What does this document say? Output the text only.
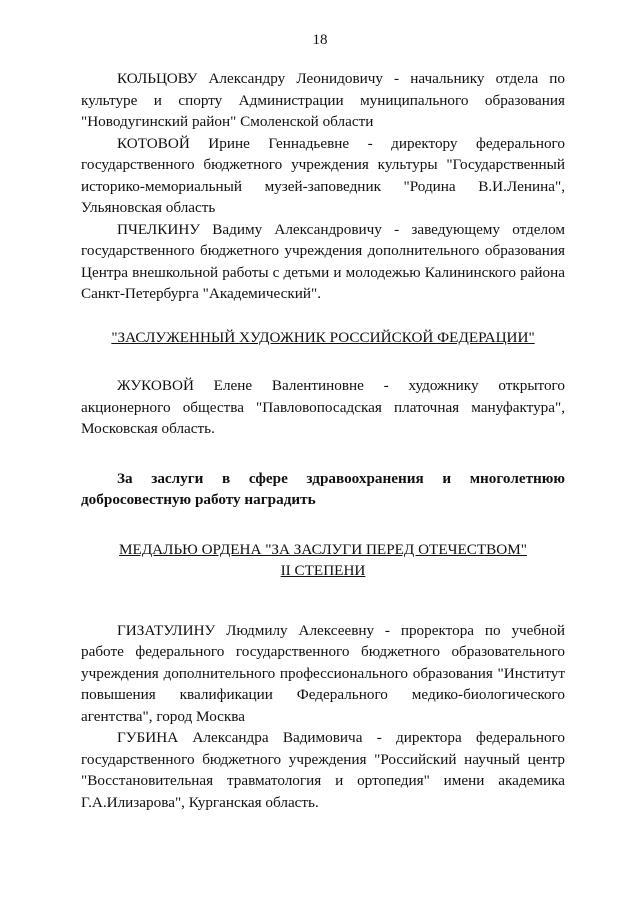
18

КОЛЬЦОВУ Александру Леонидовичу - начальнику отдела по культуре и спорту Администрации муниципального образования "Новодугинский район" Смоленской области

КОТОВОЙ Ирине Геннадьевне - директору федерального государственного бюджетного учреждения культуры "Государственный историко-мемориальный музей-заповедник "Родина В.И.Ленина", Ульяновская область

ПЧЕЛКИНУ Вадиму Александровичу - заведующему отделом государственного бюджетного учреждения дополнительного образования Центра внешкольной работы с детьми и молодежью Калининского района Санкт-Петербурга "Академический".

"ЗАСЛУЖЕННЫЙ ХУДОЖНИК РОССИЙСКОЙ ФЕДЕРАЦИИ"

ЖУКОВОЙ Елене Валентиновне - художнику открытого акционерного общества "Павловопосадская платочная мануфактура", Московская область.

За заслуги в сфере здравоохранения и многолетнюю добросовестную работу наградить

МЕДАЛЬЮ ОРДЕНА "ЗА ЗАСЛУГИ ПЕРЕД ОТЕЧЕСТВОМ"

II СТЕПЕНИ

ГИЗАТУЛИНУ Людмилу Алексеевну - проректора по учебной работе федерального государственного бюджетного образовательного учреждения дополнительного профессионального образования "Институт повышения квалификации Федерального медико-биологического агентства", город Москва

ГУБИНА Александра Вадимовича - директора федерального государственного бюджетного учреждения "Российский научный центр "Восстановительная травматология и ортопедия" имени академика Г.А.Илизарова", Курганская область.
